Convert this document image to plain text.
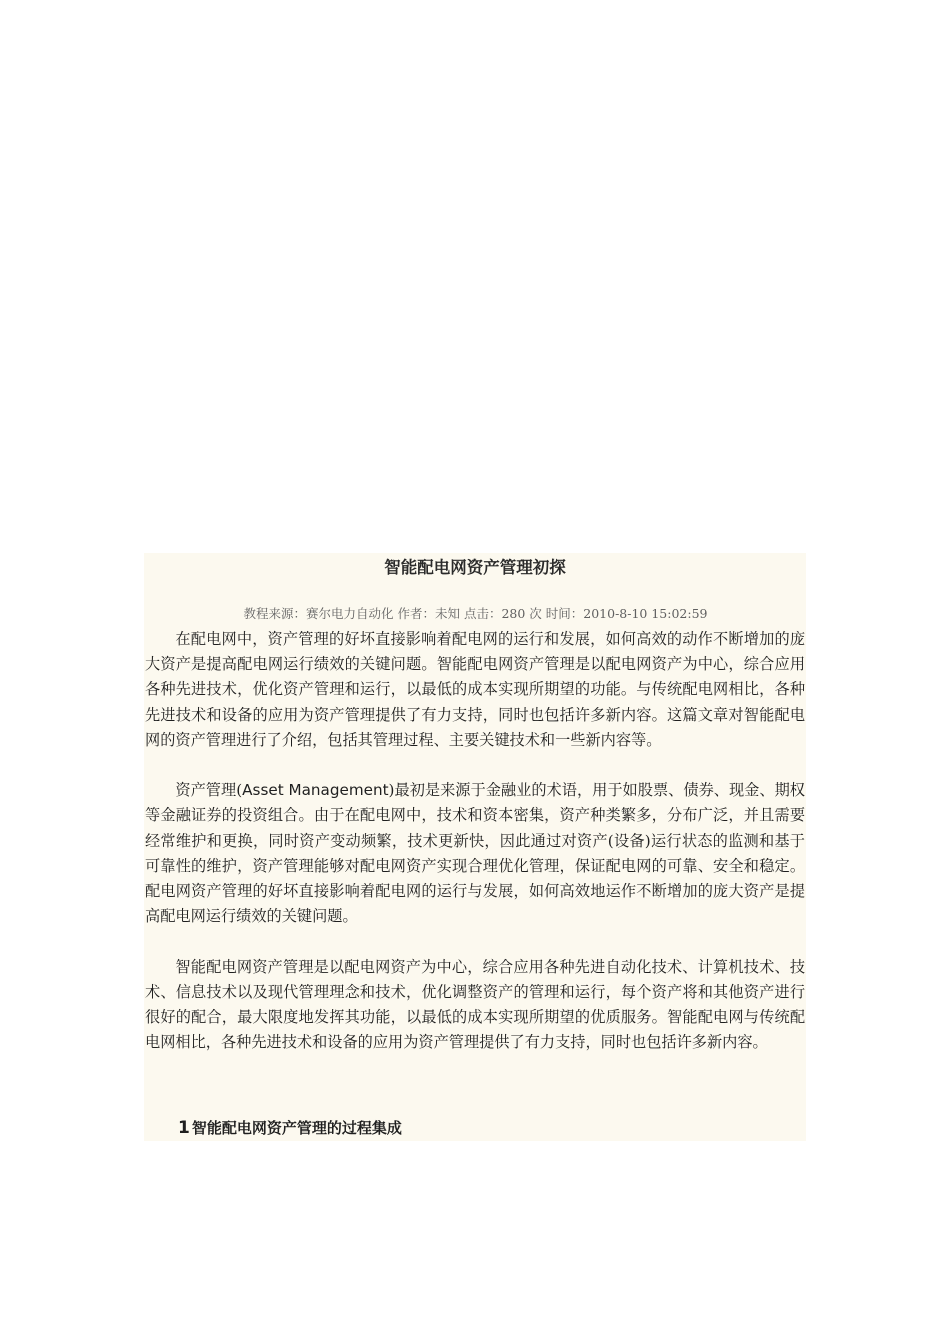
智能配电网资产管理初探
教程来源：赛尔电力自动化 作者：未知 点击：280 次 时间：2010-8-10 15:02:59

在配电网中，资产管理的好坏直接影响着配电网的运行和发展，如何高效的动作不断增加的庞大资产是提高配电网运行绩效的关键问题。智能配电网资产管理是以配电网资产为中心，综合应用各种先进技术，优化资产管理和运行，以最低的成本实现所期望的功能。与传统配电网相比，各种先进技术和设备的应用为资产管理提供了有力支持，同时也包括许多新内容。这篇文章对智能配电网的资产管理进行了介绍，包括其管理过程、主要关键技术和一些新内容等。

资产管理(Asset Management)最初是来源于金融业的术语，用于如股票、债券、现金、期权等金融证券的投资组合。由于在配电网中，技术和资本密集，资产种类繁多，分布广泛，并且需要经常维护和更换，同时资产变动频繁，技术更新快，因此通过对资产(设备)运行状态的监测和基于可靠性的维护，资产管理能够对配电网资产实现合理优化管理，保证配电网的可靠、安全和稳定。配电网资产管理的好坏直接影响着配电网的运行与发展，如何高效地运作不断增加的庞大资产是提高配电网运行绩效的关键问题。

智能配电网资产管理是以配电网资产为中心，综合应用各种先进自动化技术、计算机技术、技术、信息技术以及现代管理理念和技术，优化调整资产的管理和运行，每个资产将和其他资产进行很好的配合，最大限度地发挥其功能，以最低的成本实现所期望的优质服务。智能配电网与传统配电网相比，各种先进技术和设备的应用为资产管理提供了有力支持，同时也包括许多新内容。

1 智能配电网资产管理的过程集成
